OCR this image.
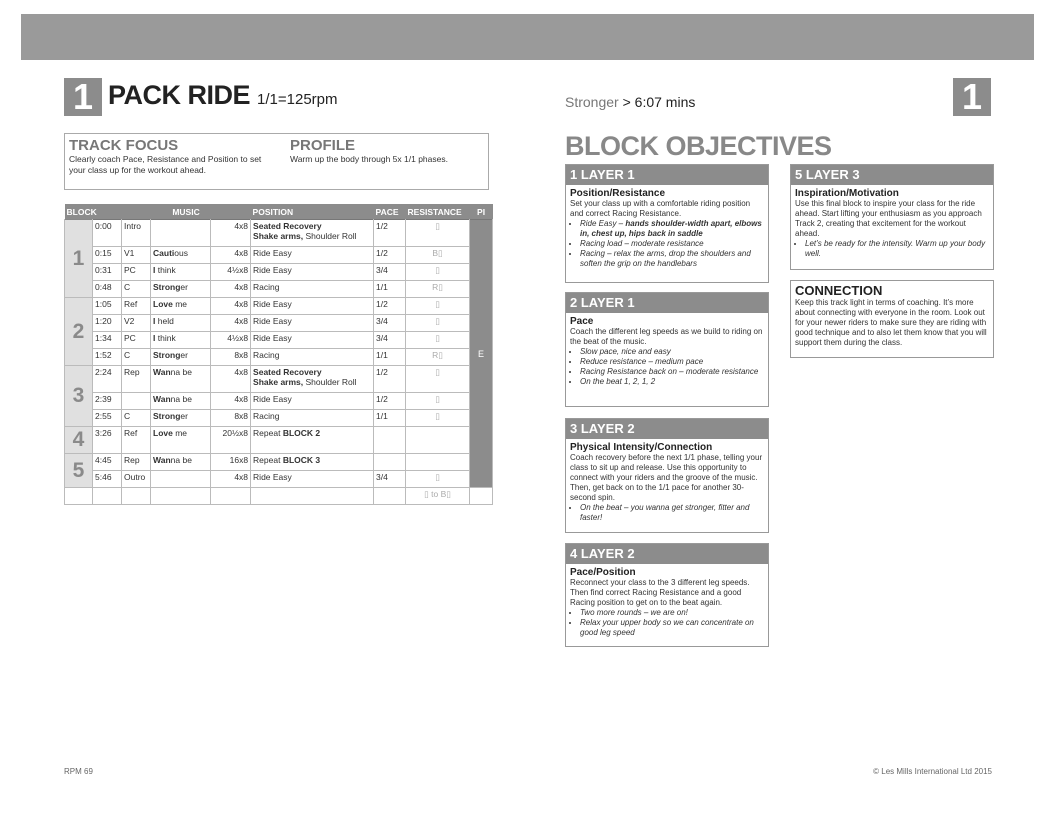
1 PACK RIDE 1/1=125rpm	Stronger > 6:07 mins	1
TRACK FOCUS

Clearly coach Pace, Resistance and Position to set your class up for the workout ahead.

PROFILE

Warm up the body through 5x 1/1 phases.

BLOCK		MUSIC			POSITION	PACE	RESISTANCE	PI
1	0:00	Intro		4x8	Seated Recovery
Shake arms, Shoulder Roll	1/2	▯	E
	0:15	V1	Cautious	4x8	Ride Easy	1/2	B▯	
	0:31	PC	I think	4½x8	Ride Easy	3/4	▯	
	0:48	C	Stronger	4x8	Racing	1/1	R▯	
2	1:05	Ref	Love me	4x8	Ride Easy	1/2	▯	
	1:20	V2	I held	4x8	Ride Easy	3/4	▯	
	1:34	PC	I think	4½x8	Ride Easy	3/4	▯	
	1:52	C	Stronger	8x8	Racing	1/1	R▯	
3	2:24	Rep	Wanna be	4x8	Seated Recovery
Shake arms, Shoulder Roll	1/2	▯	
	2:39		Wanna be	4x8	Ride Easy	1/2	▯	
	2:55	C	Stronger	8x8	Racing	1/1	▯	
4	3:26	Ref	Love me	20½x8	Repeat BLOCK 2			
5	4:45	Rep	Wanna be	16x8	Repeat BLOCK 3			
	5:46	Outro		4x8	Ride Easy	3/4	▯	
							▯ to B▯	
BLOCK OBJECTIVES
1 LAYER 1
Position/Resistance
Set your class up with a comfortable riding position and correct Racing Resistance.
• Ride Easy – hands shoulder-width apart, elbows in, chest up, hips back in saddle
• Racing load – moderate resistance
• Racing – relax the arms, drop the shoulders and soften the grip on the handlebars
2 LAYER 1
Pace
Coach the different leg speeds as we build to riding on the beat of the music.
• Slow pace, nice and easy
• Reduce resistance – medium pace
• Racing Resistance back on – moderate resistance
• On the beat 1, 2, 1, 2
3 LAYER 2
Physical Intensity/Connection
Coach recovery before the next 1/1 phase, telling your class to sit up and release. Use this opportunity to connect with your riders and the groove of the music. Then, get back on to the 1/1 pace for another 30-second spin.
• On the beat – you wanna get stronger, fitter and faster!
4 LAYER 2
Pace/Position
Reconnect your class to the 3 different leg speeds. Then find correct Racing Resistance and a good Racing position to get on to the beat again.
• Two more rounds – we are on!
• Relax your upper body so we can concentrate on good leg speed
5 LAYER 3
Inspiration/Motivation
Use this final block to inspire your class for the ride ahead. Start lifting your enthusiasm as you approach Track 2, creating that excitement for the workout ahead.
• Let’s be ready for the intensity. Warm up your body well.
CONNECTION
Keep this track light in terms of coaching. It’s more about connecting with everyone in the room. Look out for your newer riders to make sure they are riding with good technique and to also let them know that you will support them during the class.
RPM 69	© Les Mills International Ltd 2015
